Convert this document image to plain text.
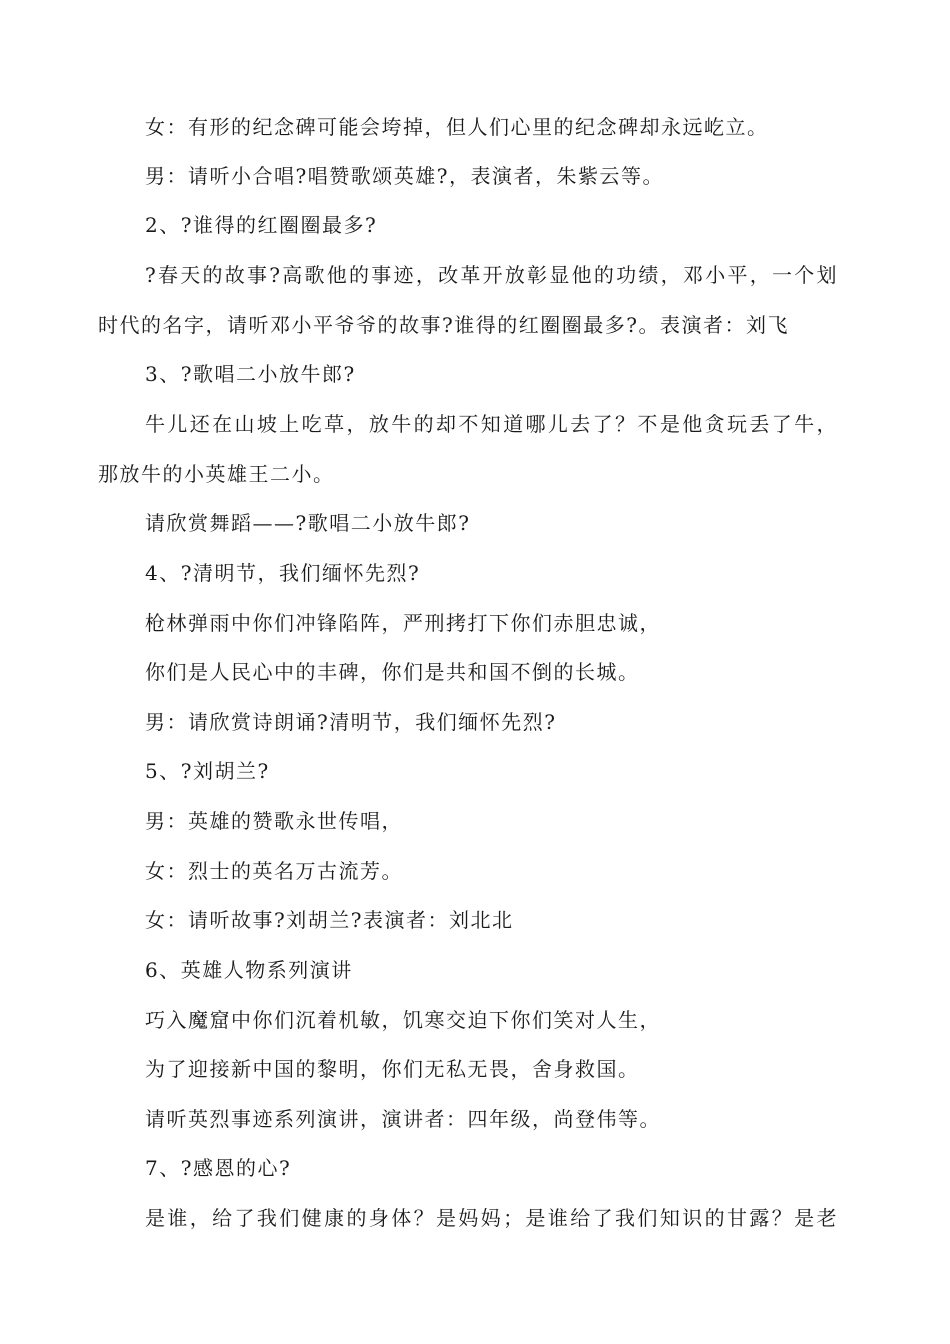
女：有形的纪念碑可能会垮掉，但人们心里的纪念碑却永远屹立。
男：请听小合唱?唱赞歌颂英雄?，表演者，朱紫云等。
2、?谁得的红圈圈最多?
?春天的故事?高歌他的事迹，改革开放彰显他的功绩，邓小平，一个划
时代的名字，请听邓小平爷爷的故事?谁得的红圈圈最多?。表演者：刘飞
3、?歌唱二小放牛郎?
牛儿还在山坡上吃草，放牛的却不知道哪儿去了？不是他贪玩丢了牛，
那放牛的小英雄王二小。
请欣赏舞蹈——?歌唱二小放牛郎?
4、?清明节，我们缅怀先烈?
枪林弹雨中你们冲锋陷阵，严刑拷打下你们赤胆忠诚，
你们是人民心中的丰碑，你们是共和国不倒的长城。
男：请欣赏诗朗诵?清明节，我们缅怀先烈?
5、?刘胡兰?
男：英雄的赞歌永世传唱，
女：烈士的英名万古流芳。
女：请听故事?刘胡兰?表演者：刘北北
6、英雄人物系列演讲
巧入魔窟中你们沉着机敏，饥寒交迫下你们笑对人生，
为了迎接新中国的黎明，你们无私无畏，舍身救国。
请听英烈事迹系列演讲，演讲者：四年级，尚登伟等。
7、?感恩的心?
是谁，给了我们健康的身体？是妈妈；是谁给了我们知识的甘露？是老
